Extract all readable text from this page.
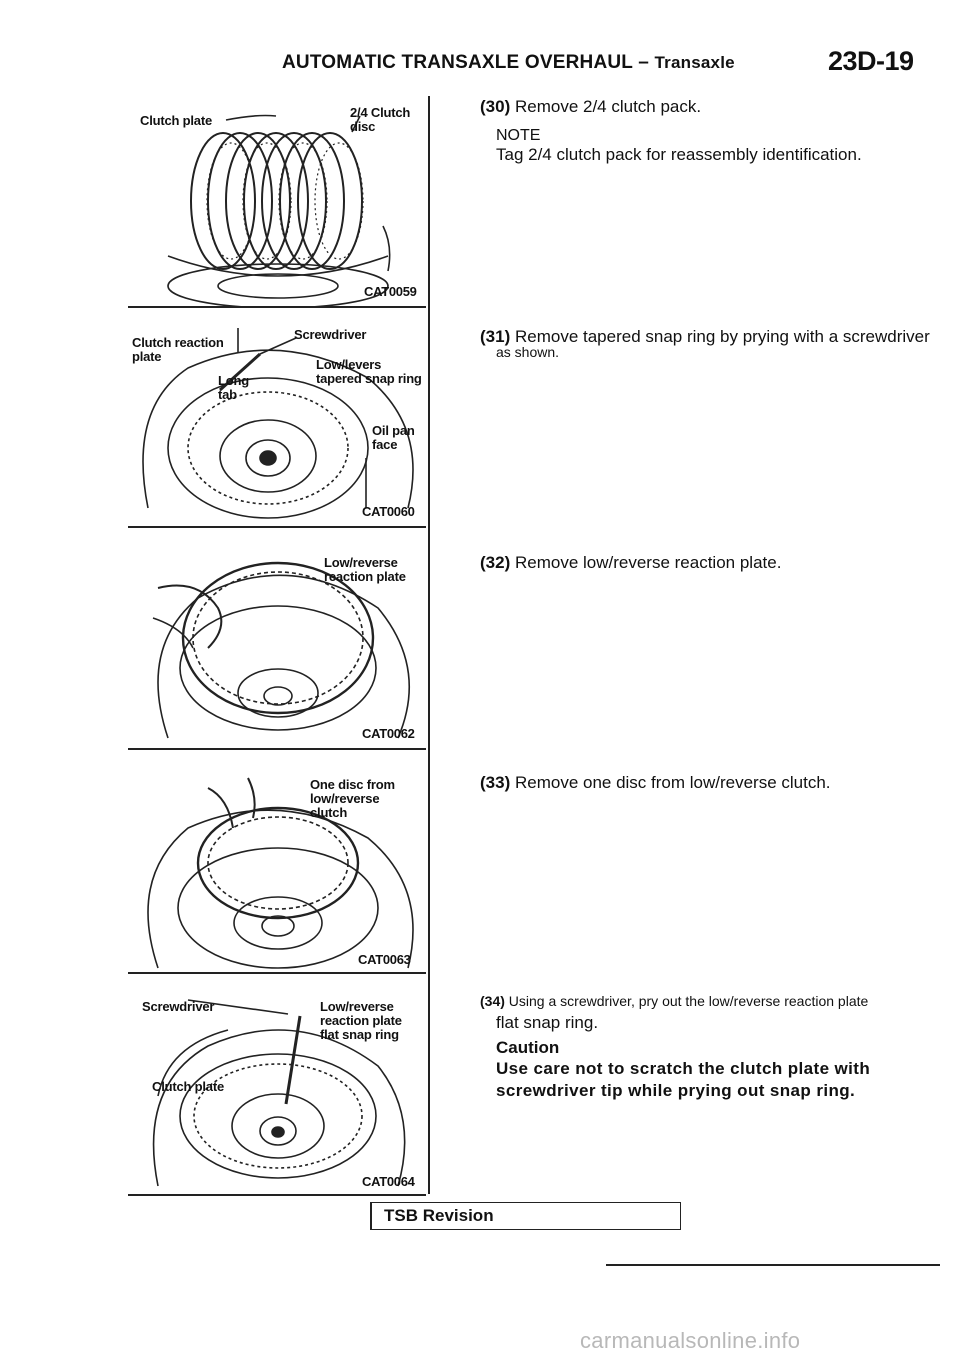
AUTOMATIC TRANSAXLE OVERHAUL – Transaxle	23D-19
Clutch plate
2/4 Clutch
disc
CAT0059
Clutch reaction
plate
Screwdriver
Low/levers
tapered snap ring
Long
tab
Oil pan
face
CAT0060
Low/reverse
reaction plate
CAT0062
One disc from
low/reverse
clutch
CAT0063
Screwdriver	Low/reverse
reaction plate
flat snap ring
Clutch plate
CAT0064
(30) Remove 2/4 clutch pack.
NOTE
Tag 2/4 clutch pack for reassembly identification.
(31) Remove tapered snap ring by prying with a screwdriver
as shown.
(32) Remove low/reverse reaction plate.
(33) Remove one disc from low/reverse clutch.
(34) Using a screwdriver, pry out the low/reverse reaction plate
flat snap ring.
Caution
Use care not to scratch the clutch plate with screwdriver tip while prying out snap ring.
TSB Revision
carmanualsonline.info
